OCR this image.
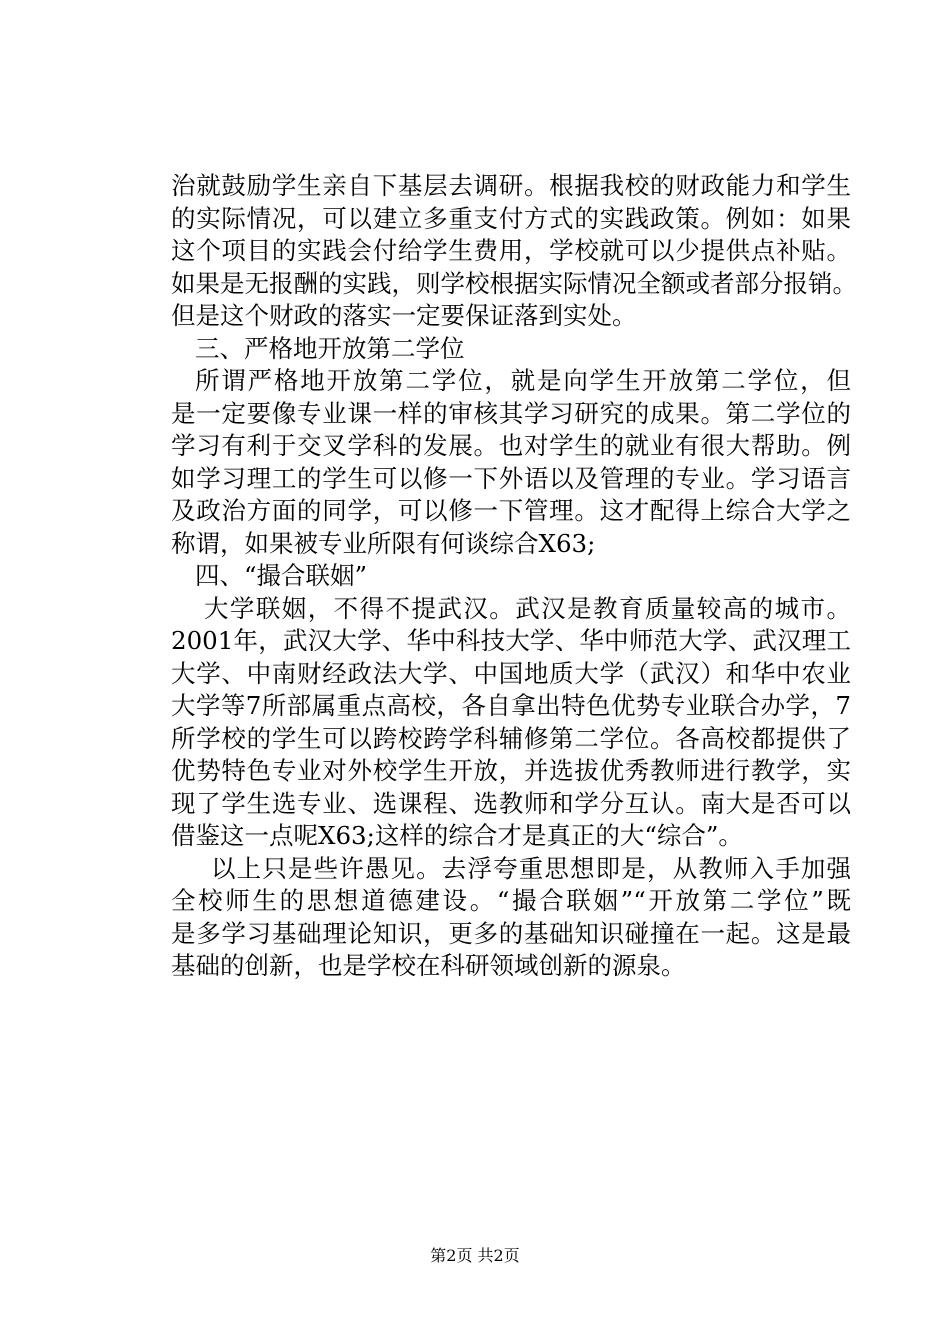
治就鼓励学生亲自下基层去调研。根据我校的财政能力和学生
的实际情况，可以建立多重支付方式的实践政策。例如：如果
这个项目的实践会付给学生费用，学校就可以少提供点补贴。
如果是无报酬的实践，则学校根据实际情况全额或者部分报销。
但是这个财政的落实一定要保证落到实处。
三、严格地开放第二学位
所谓严格地开放第二学位，就是向学生开放第二学位，但
是一定要像专业课一样的审核其学习研究的成果。第二学位的
学习有利于交叉学科的发展。也对学生的就业有很大帮助。例
如学习理工的学生可以修一下外语以及管理的专业。学习语言
及政治方面的同学，可以修一下管理。这才配得上综合大学之
称谓，如果被专业所限有何谈综合X63;
四、“撮合联姻”
大学联姻，不得不提武汉。武汉是教育质量较高的城市。
2001年，武汉大学、华中科技大学、华中师范大学、武汉理工
大学、中南财经政法大学、中国地质大学（武汉）和华中农业
大学等7所部属重点高校，各自拿出特色优势专业联合办学，7
所学校的学生可以跨校跨学科辅修第二学位。各高校都提供了
优势特色专业对外校学生开放，并选拔优秀教师进行教学，实
现了学生选专业、选课程、选教师和学分互认。南大是否可以
借鉴这一点呢X63;这样的综合才是真正的大“综合”。
以上只是些许愚见。去浮夸重思想即是，从教师入手加强
全校师生的思想道德建设。“撮合联姻”“开放第二学位”既
是多学习基础理论知识，更多的基础知识碰撞在一起。这是最
基础的创新，也是学校在科研领域创新的源泉。
第2页 共2页
